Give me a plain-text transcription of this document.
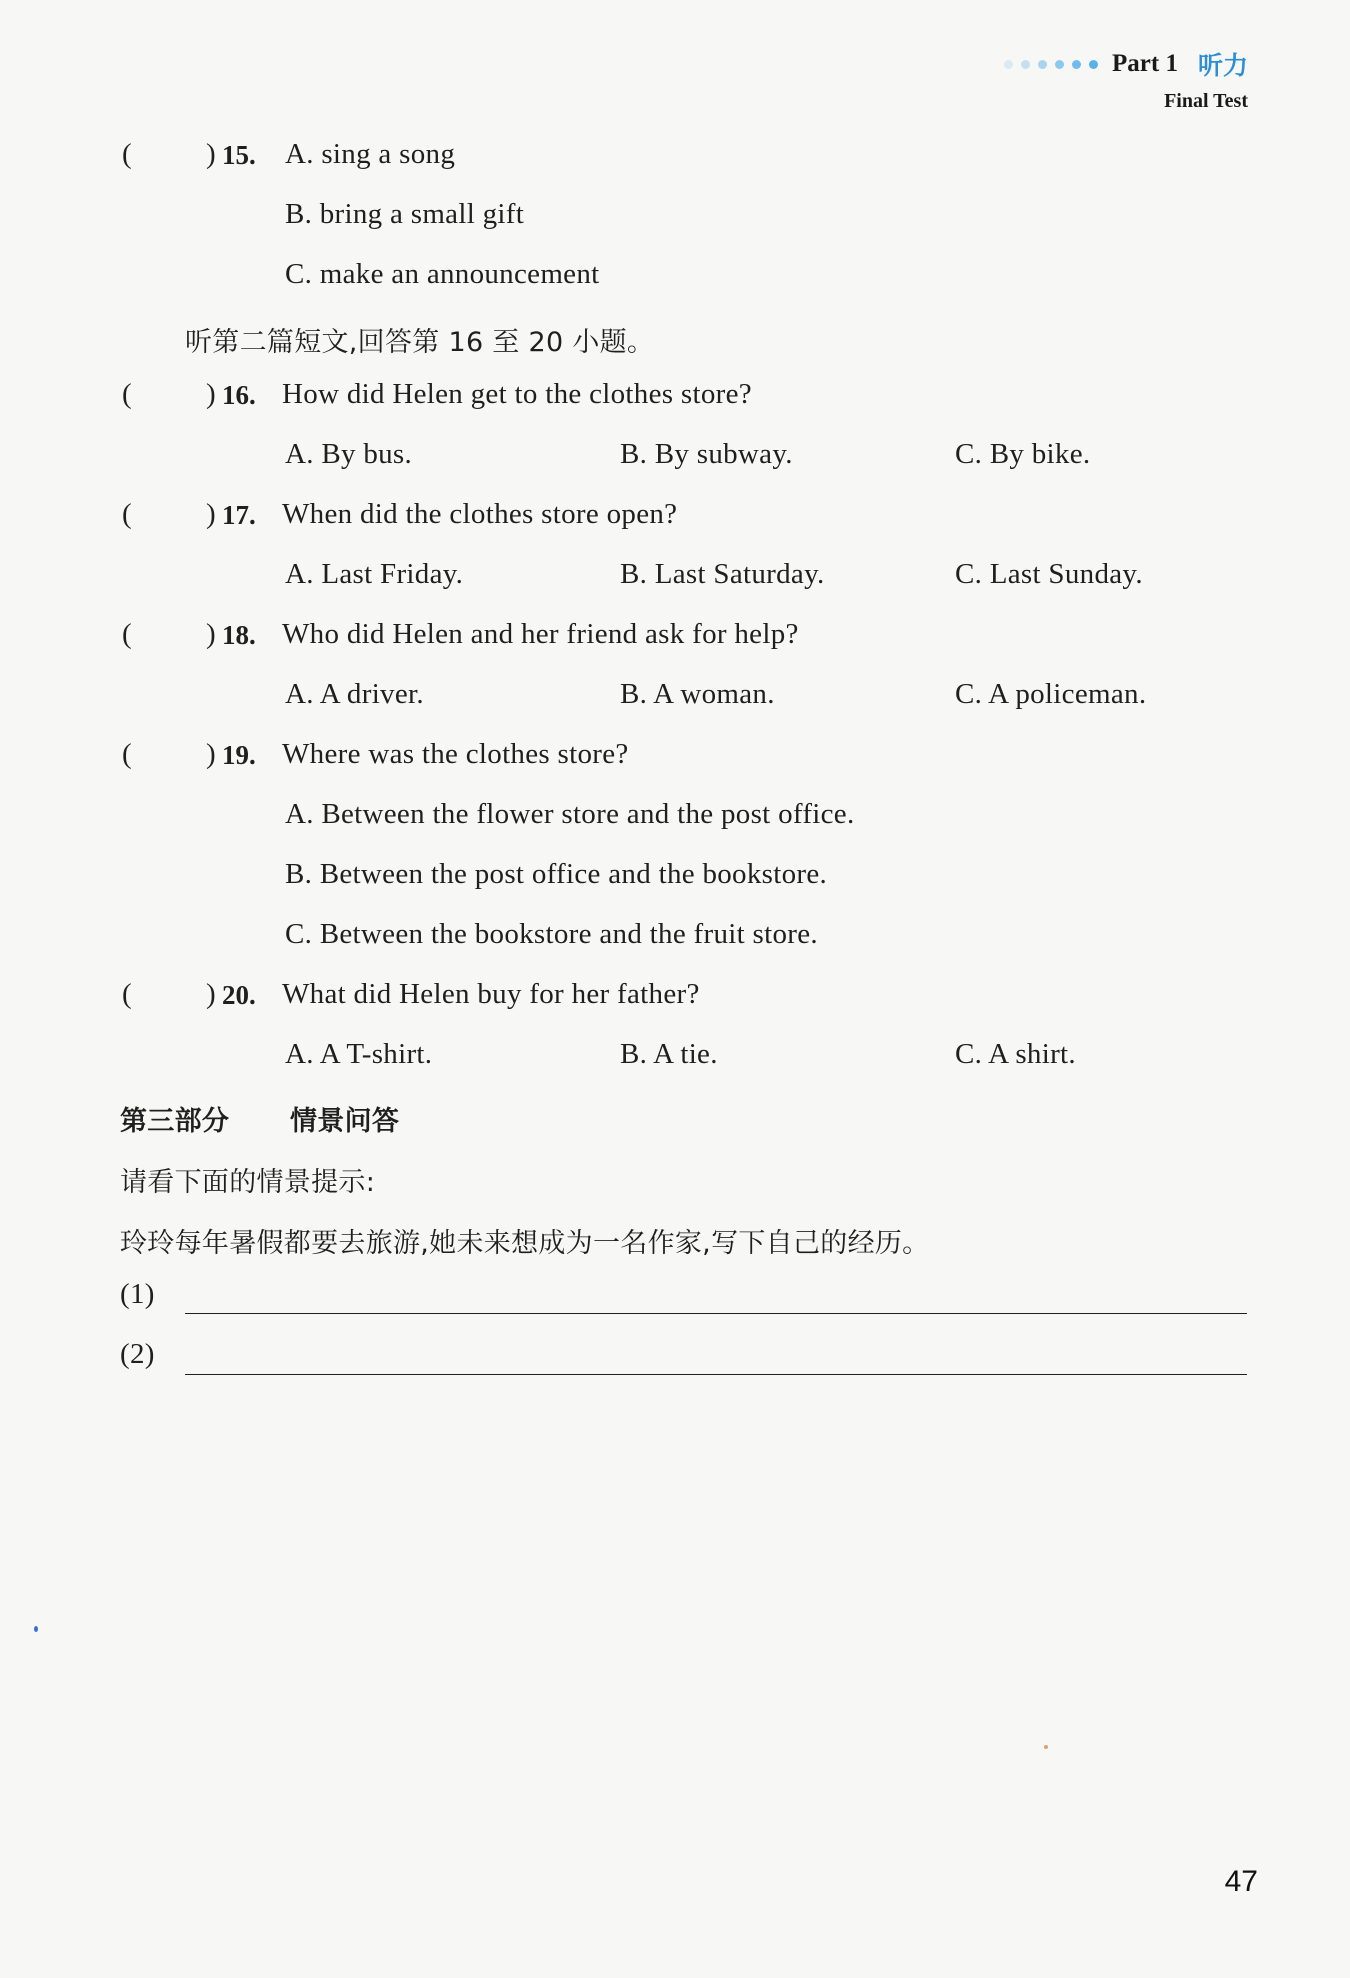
Part 1 听力
Final Test
(	) 15. A. sing a song
B. bring a small gift
C. make an announcement
听第二篇短文,回答第 16 至 20 小题。
(	) 16. How did Helen get to the clothes store?
A. By bus.	B. By subway.	C. By bike.
(	) 17. When did the clothes store open?
A. Last Friday.	B. Last Saturday.	C. Last Sunday.
(	) 18. Who did Helen and her friend ask for help?
A. A driver.	B. A woman.	C. A policeman.
(	) 19. Where was the clothes store?
A. Between the flower store and the post office.
B. Between the post office and the bookstore.
C. Between the bookstore and the fruit store.
(	) 20. What did Helen buy for her father?
A. A T-shirt.	B. A tie.	C. A shirt.
第三部分 情景问答
请看下面的情景提示:
玲玲每年暑假都要去旅游,她未来想成为一名作家,写下自己的经历。
(1)
(2)
47
